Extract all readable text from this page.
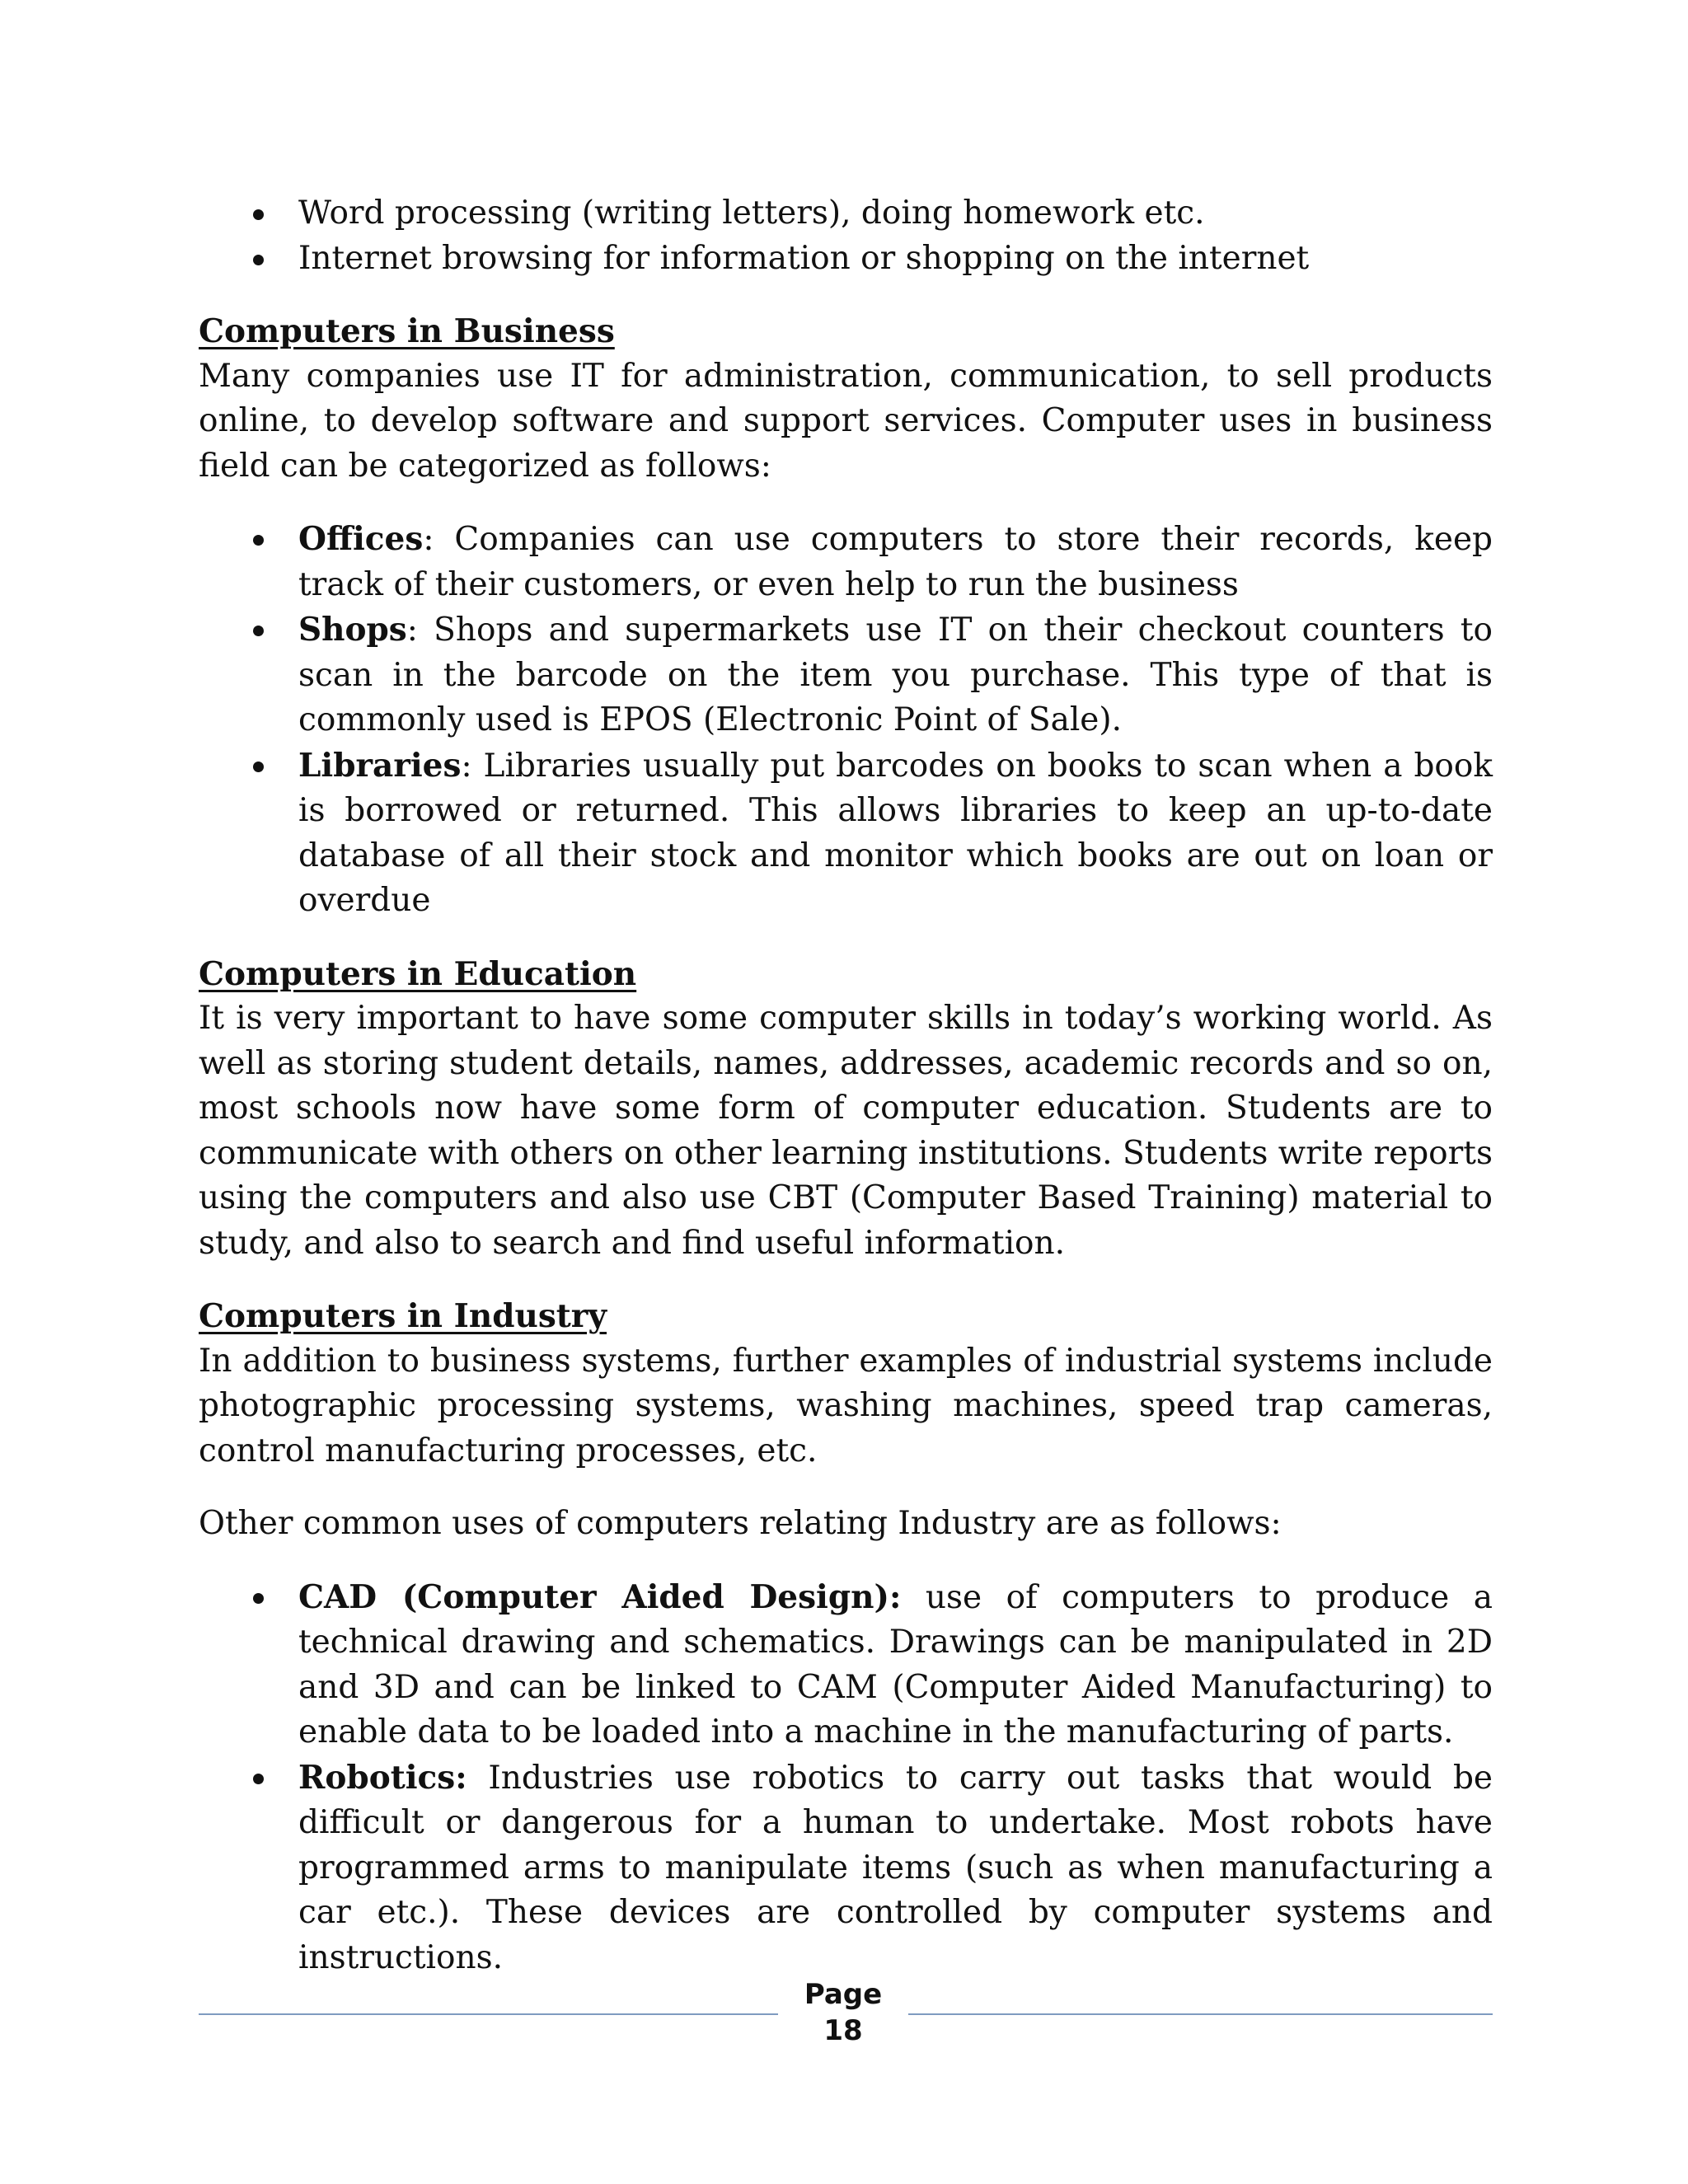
Word processing (writing letters), doing homework etc.
Internet browsing for information or shopping on the internet

Computers in Business

Many companies use IT for administration, communication, to sell products online, to develop software and support services. Computer uses in business field can be categorized as follows:

Offices: Companies can use computers to store their records, keep track of their customers, or even help to run the business
Shops: Shops and supermarkets use IT on their checkout counters to scan in the barcode on the item you purchase. This type of that is commonly used is EPOS (Electronic Point of Sale).
Libraries: Libraries usually put barcodes on books to scan when a book is borrowed or returned. This allows libraries to keep an up-to-date database of all their stock and monitor which books are out on loan or overdue

Computers in Education

It is very important to have some computer skills in today’s working world. As well as storing student details, names, addresses, academic records and so on, most schools now have some form of computer education. Students are to communicate with others on other learning institutions. Students write reports using the computers and also use CBT (Computer Based Training) material to study, and also to search and find useful information.

Computers in Industry

In addition to business systems, further examples of industrial systems include photographic processing systems, washing machines, speed trap cameras, control manufacturing processes, etc.

Other common uses of computers relating Industry are as follows:

CAD (Computer Aided Design): use of computers to produce a technical drawing and schematics. Drawings can be manipulated in 2D and 3D and can be linked to CAM (Computer Aided Manufacturing) to enable data to be loaded into a machine in the manufacturing of parts.
Robotics: Industries use robotics to carry out tasks that would be difficult or dangerous for a human to undertake. Most robots have programmed arms to manipulate items (such as when manufacturing a car etc.). These devices are controlled by computer systems and instructions.
Page
18
